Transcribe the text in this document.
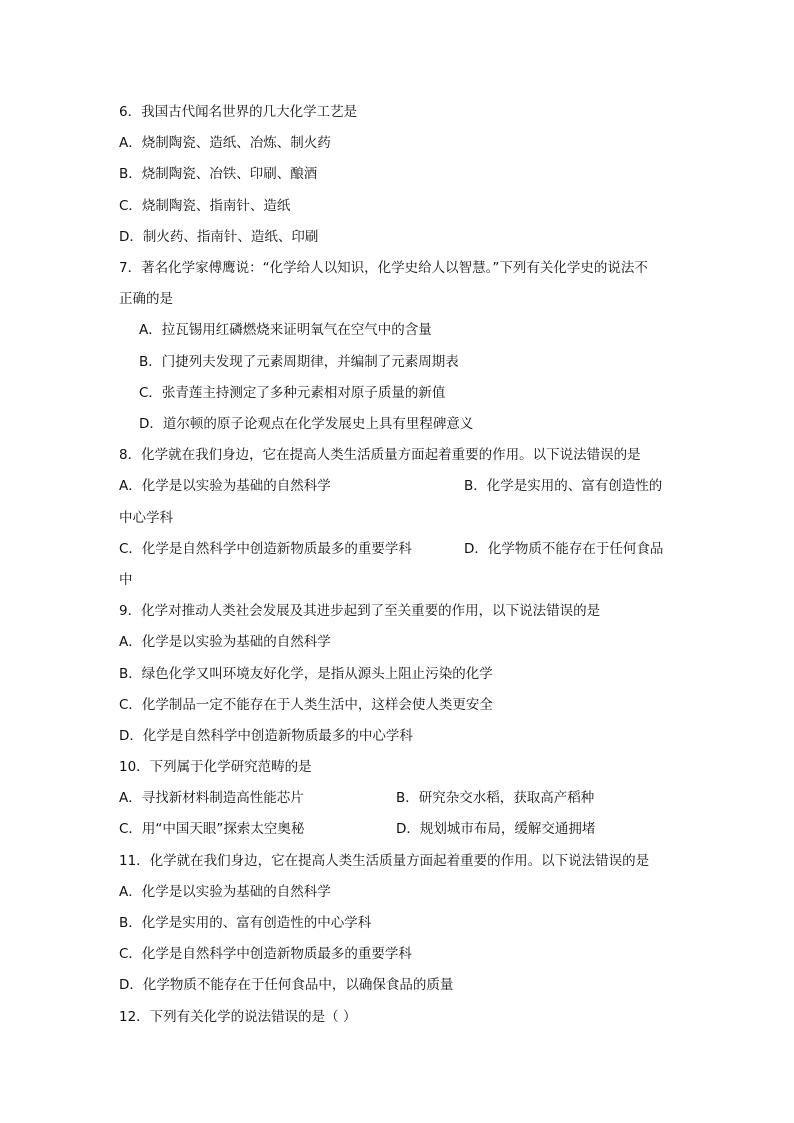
6．我国古代闻名世界的几大化学工艺是
A．烧制陶瓷、造纸、冶炼、制火药
B．烧制陶瓷、冶铁、印刷、酿酒
C．烧制陶瓷、指南针、造纸
D．制火药、指南针、造纸、印刷
7．著名化学家傅鹰说：“化学给人以知识，化学史给人以智慧。”下列有关化学史的说法不
正确的是
A．拉瓦锡用红磷燃烧来证明氧气在空气中的含量
B．门捷列夫发现了元素周期律，并编制了元素周期表
C．张青莲主持测定了多种元素相对原子质量的新值
D．道尔顿的原子论观点在化学发展史上具有里程碑意义
8．化学就在我们身边，它在提高人类生活质量方面起着重要的作用。以下说法错误的是
A．化学是以实验为基础的自然科学	B．化学是实用的、富有创造性的
中心学科
C．化学是自然科学中创造新物质最多的重要学科	D．化学物质不能存在于任何食品
中
9．化学对推动人类社会发展及其进步起到了至关重要的作用，以下说法错误的是
A．化学是以实验为基础的自然科学
B．绿色化学又叫环境友好化学，是指从源头上阻止污染的化学
C．化学制品一定不能存在于人类生活中，这样会使人类更安全
D．化学是自然科学中创造新物质最多的中心学科
10．下列属于化学研究范畴的是
A．寻找新材料制造高性能芯片	B．研究杂交水稻，获取高产稻种
C．用“中国天眼”探索太空奥秘	D．规划城市布局，缓解交通拥堵
11．化学就在我们身边，它在提高人类生活质量方面起着重要的作用。以下说法错误的是
A．化学是以实验为基础的自然科学
B．化学是实用的、富有创造性的中心学科
C．化学是自然科学中创造新物质最多的重要学科
D．化学物质不能存在于任何食品中，以确保食品的质量
12．下列有关化学的说法错误的是（ ）
